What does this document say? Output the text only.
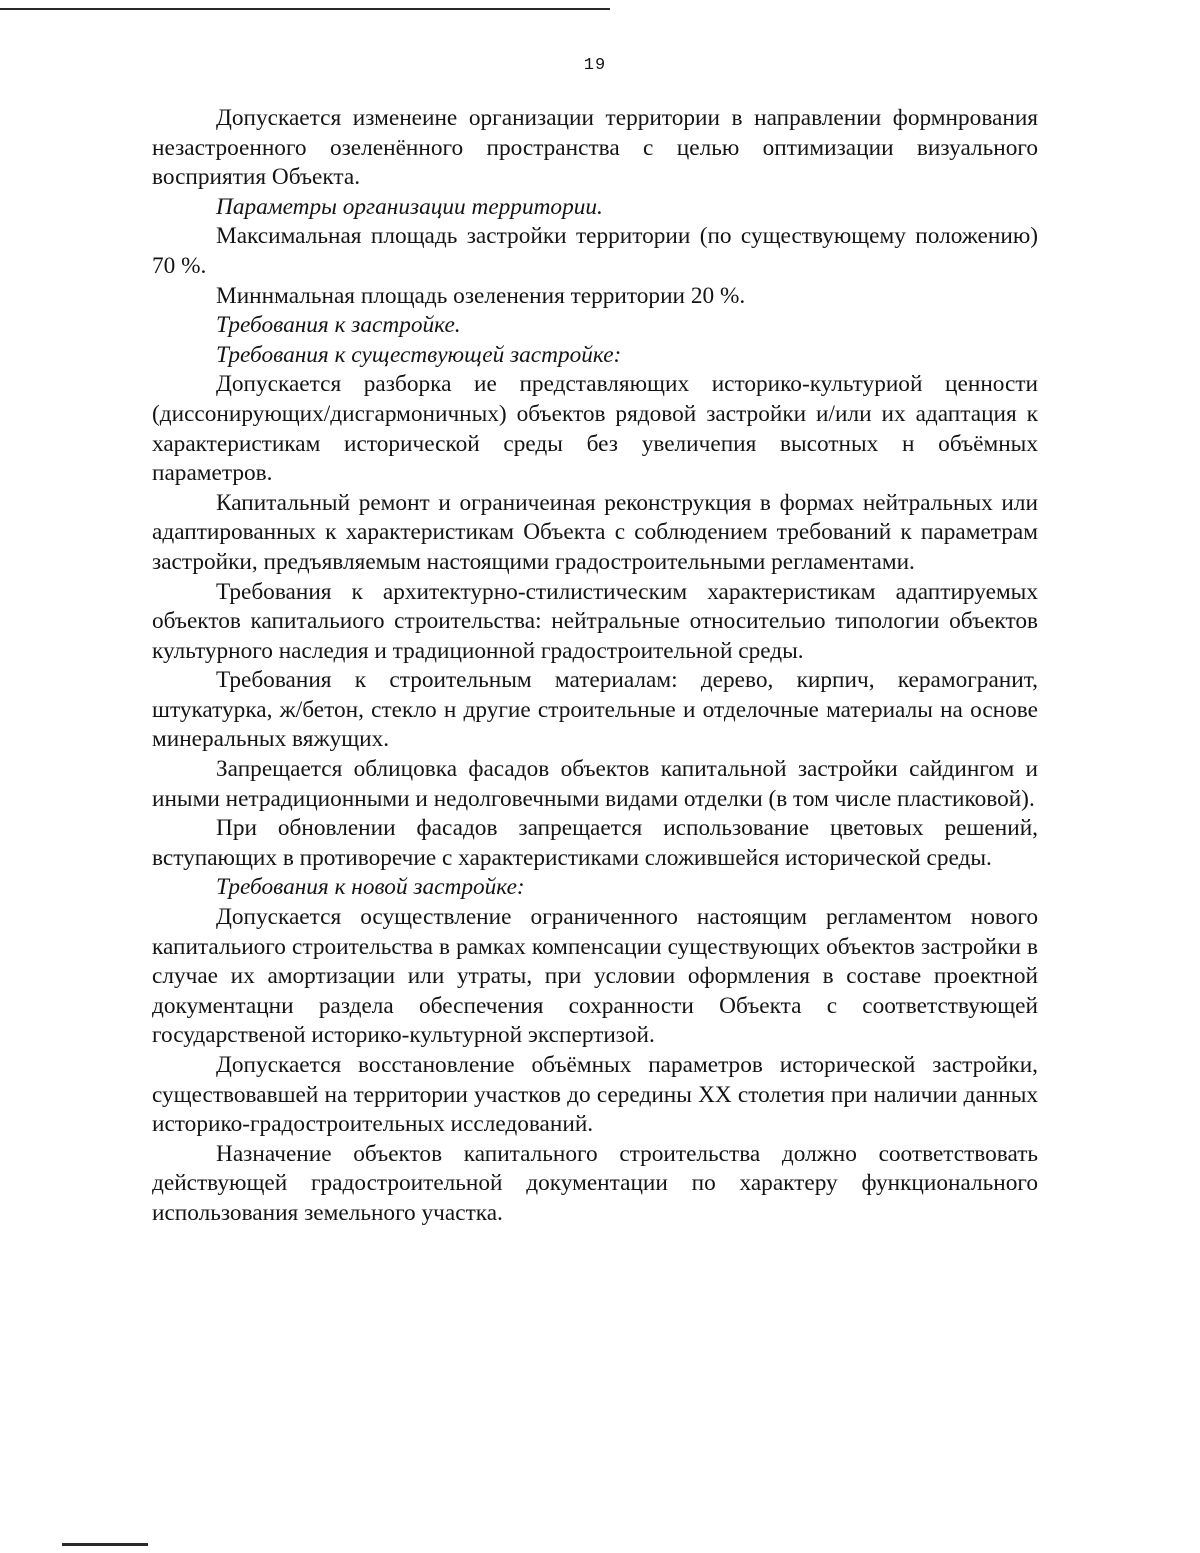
19

Допускается изменеине организации территории в направлении формнрования незастроенного озеленённого пространства с целью оптимизации визуального восприятия Объекта.

Параметры организации территории.

Максимальная площадь застройки территории (по существующему положению) 70 %.

Миннмальная площадь озеленения территории 20 %.

Требования к застройке.

Требования к существующей застройке:

Допускается разборка ие представляющих историко-культуриой ценности (диссонирующих/дисгармоничных) объектов рядовой застройки и/или их адаптация к характеристикам исторической среды без увеличепия высотных н объёмных параметров.

Капитальный ремонт и ограничеиная реконструкция в формах нейтральных или адаптированных к характеристикам Объекта с соблюдением требований к параметрам застройки, предъявляемым настоящими градостроительными регламентами.

Требования к архитектурно-стилистическим характеристикам адаптируемых объектов капитальиого строительства: нейтральные относительио типологии объектов культурного наследия и традиционной градостроительной среды.

Требования к строительным материалам: дерево, кирпич, керамогранит, штукатурка, ж/бетон, стекло н другие строительные и отделочные материалы на основе минеральных вяжущих.

Запрещается облицовка фасадов объектов капитальной застройки сайдингом и иными нетрадиционными и недолговечными видами отделки (в том числе пластиковой).

При обновлении фасадов запрещается использование цветовых решений, вступающих в противоречие с характеристиками сложившейся исторической среды.

Требования к новой застройке:

Допускается осуществление ограниченного настоящим регламентом нового капитальиого строительства в рамках компенсации существующих объектов застройки в случае их амортизации или утраты, при условии оформления в составе проектной документацни раздела обеспечения сохранности Объекта с соответствующей государственой историко-культурной экспертизой.

Допускается восстановление объёмных параметров исторической застройки, существовавшей на территории участков до середины XX столетия при наличии данных историко-градостроительных исследований.

Назначение объектов капитального строительства должно соответствовать действующей градостроительной документации по характеру функционального использования земельного участка.
